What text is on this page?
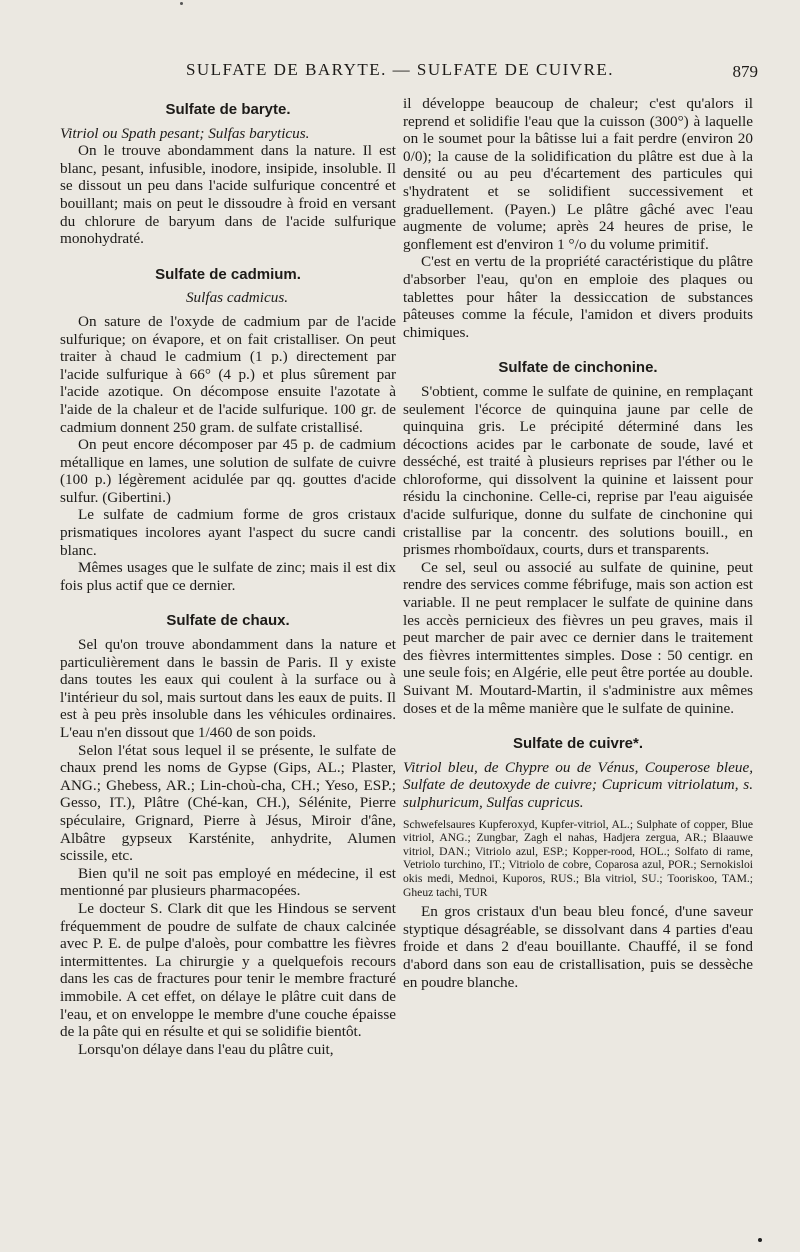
SULFATE DE BARYTE. — SULFATE DE CUIVRE.	879
Sulfate de baryte.

Vitriol ou Spath pesant; Sulfas baryticus.

On le trouve abondamment dans la nature. Il est blanc, pesant, infusible, inodore, insipide, insoluble. Il se dissout un peu dans l'acide sulfurique concentré et bouillant; mais on peut le dissoudre à froid en versant du chlorure de baryum dans de l'acide sulfurique monohydraté.

Sulfate de cadmium.

Sulfas cadmicus.

On sature de l'oxyde de cadmium par de l'acide sulfurique; on évapore, et on fait cristalliser. On peut traiter à chaud le cadmium (1 p.) directement par l'acide sulfurique à 66° (4 p.) et plus sûrement par l'acide azotique. On décompose ensuite l'azotate à l'aide de la chaleur et de l'acide sulfurique. 100 gr. de cadmium donnent 250 gram. de sulfate cristallisé.

On peut encore décomposer par 45 p. de cadmium métallique en lames, une solution de sulfate de cuivre (100 p.) légèrement acidulée par qq. gouttes d'acide sulfur. (Gibertini.)

Le sulfate de cadmium forme de gros cristaux prismatiques incolores ayant l'aspect du sucre candi blanc.

Mêmes usages que le sulfate de zinc; mais il est dix fois plus actif que ce dernier.

Sulfate de chaux.

Sel qu'on trouve abondamment dans la nature et particulièrement dans le bassin de Paris. Il y existe dans toutes les eaux qui coulent à la surface ou à l'intérieur du sol, mais surtout dans les eaux de puits. Il est à peu près insoluble dans les véhicules ordinaires. L'eau n'en dissout que 1/460 de son poids.

Selon l'état sous lequel il se présente, le sulfate de chaux prend les noms de Gypse (Gips, AL.; Plaster, ANG.; Ghebess, AR.; Lin-choù-cha, CH.; Yeso, ESP.; Gesso, IT.), Plâtre (Ché-kan, CH.), Sélénite, Pierre spéculaire, Grignard, Pierre à Jésus, Miroir d'âne, Albâtre gypseux Karsténite, anhydrite, Alumen scissile, etc.

Bien qu'il ne soit pas employé en médecine, il est mentionné par plusieurs pharmacopées.

Le docteur S. Clark dit que les Hindous se servent fréquemment de poudre de sulfate de chaux calcinée avec P. E. de pulpe d'aloès, pour combattre les fièvres intermittentes. La chirurgie y a quelquefois recours dans les cas de fractures pour tenir le membre fracturé immobile. A cet effet, on délaye le plâtre cuit dans de l'eau, et on enveloppe le membre d'une couche épaisse de la pâte qui en résulte et qui se solidifie bientôt.

Lorsqu'on délaye dans l'eau du plâtre cuit,

il développe beaucoup de chaleur; c'est qu'alors il reprend et solidifie l'eau que la cuisson (300°) à laquelle on le soumet pour la bâtisse lui a fait perdre (environ 20 0/0); la cause de la solidification du plâtre est due à la densité ou au peu d'écartement des particules qui s'hydratent et se solidifient successivement et graduellement. (Payen.) Le plâtre gâché avec l'eau augmente de volume; après 24 heures de prise, le gonflement est d'environ 1 °/o du volume primitif.

C'est en vertu de la propriété caractéristique du plâtre d'absorber l'eau, qu'on en emploie des plaques ou tablettes pour hâter la dessiccation de substances pâteuses comme la fécule, l'amidon et divers produits chimiques.

Sulfate de cinchonine.

S'obtient, comme le sulfate de quinine, en remplaçant seulement l'écorce de quinquina jaune par celle de quinquina gris. Le précipité déterminé dans les décoctions acides par le carbonate de soude, lavé et desséché, est traité à plusieurs reprises par l'éther ou le chloroforme, qui dissolvent la quinine et laissent pour résidu la cinchonine. Celle-ci, reprise par l'eau aiguisée d'acide sulfurique, donne du sulfate de cinchonine qui cristallise par la concentr. des solutions bouill., en prismes rhomboïdaux, courts, durs et transparents.

Ce sel, seul ou associé au sulfate de quinine, peut rendre des services comme fébrifuge, mais son action est variable. Il ne peut remplacer le sulfate de quinine dans les accès pernicieux des fièvres un peu graves, mais il peut marcher de pair avec ce dernier dans le traitement des fièvres intermittentes simples. Dose : 50 centigr. en une seule fois; en Algérie, elle peut être portée au double. Suivant M. Moutard-Martin, il s'administre aux mêmes doses et de la même manière que le sulfate de quinine.

Sulfate de cuivre*.

Vitriol bleu, de Chypre ou de Vénus, Couperose bleue, Sulfate de deutoxyde de cuivre; Cupricum vitriolatum, s. sulphuricum, Sulfas cupricus.

Schwefelsaures Kupferoxyd, Kupfer-vitriol, AL.; Sulphate of copper, Blue vitriol, ANG.; Zungbar, Zagh el nahas, Hadjera zergua, AR.; Blaauwe vitriol, DAN.; Vitriolo azul, ESP.; Kopper-rood, HOL.; Solfato di rame, Vetriolo turchino, IT.; Vitriolo de cobre, Coparosa azul, POR.; Sernokisloi okis medi, Mednoi, Kuporos, RUS.; Bla vitriol, SU.; Tooriskoo, TAM.; Gheuz tachi, TUR

En gros cristaux d'un beau bleu foncé, d'une saveur styptique désagréable, se dissolvant dans 4 parties d'eau froide et dans 2 d'eau bouillante. Chauffé, il se fond d'abord dans son eau de cristallisation, puis se dessèche en poudre blanche.
